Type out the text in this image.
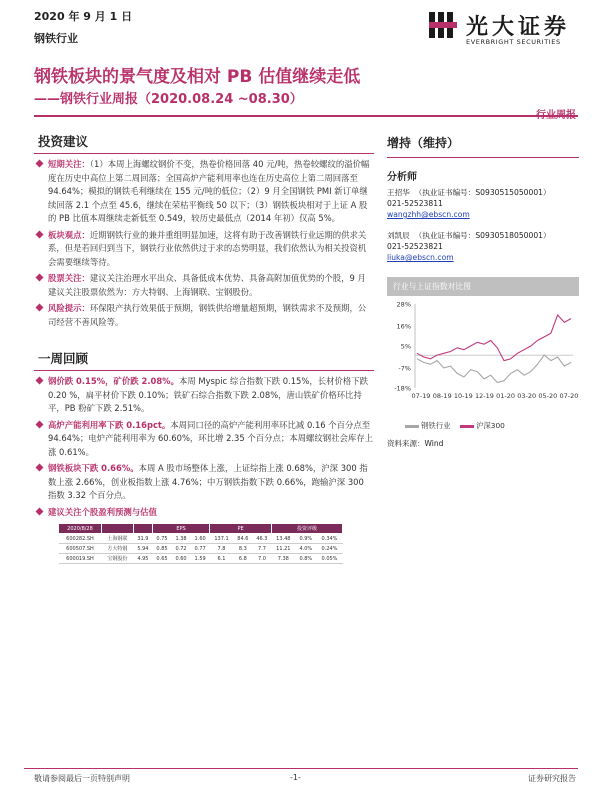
2020 年 9 月 1 日
钢铁行业	光大证券
EVERBRIGHT SECURITIES
钢铁板块的景气度及相对 PB 估值继续走低
——钢铁行业周报（2020.08.24 ~08.30）
投资建议
短期关注：（1）本周上海螺纹钢价不变，热卷价格回落 40 元/吨，热卷较螺纹的溢价幅度在历史中高位上第二周回落；全国高炉产能利用率也连在历史高位上第二周回落至 94.64%；模拟的钢铁毛利继续在 155 元/吨的低位；（2）9 月全国钢铁 PMI 新订单继续回落 2.1 个点至 45.6，继续在荣枯平衡线 50 以下；（3）钢铁板块相对于上证 A 股的 PB 比值本周继续走新低至 0.549，较历史最低点（2014 年初）仅高 5%。
板块观点：近期钢铁行业的兼并重组明显加速，这将有助于改善钢铁行业远期的供求关系，但是若回归到当下，钢铁行业依然供过于求的态势明显，我们依然认为相关投资机会需要继续等待。
股票关注：建议关注治理水平出众、具备低成本优势、具备高附加值优势的个股，9 月建议关注股票依然为：方大特钢、上海钢联、宝钢股份。
风险提示：环保限产执行效果低于预期，钢铁供给增量超预期，钢铁需求不及预期，公司经营不善风险等。
一周回顾
钢价跌 0.15%，矿价跌 2.08%。本周 Myspic 综合指数下跌 0.15%，长材价格下跌 0.20 %，扁平材价下跌 0.10%；铁矿石综合指数下跌 2.08%，唐山铁矿价格环比持平，PB 粉矿下跌 2.51%。
高炉产能利用率下跌 0.16pct。本周同口径的高炉产能利用率环比减 0.16 个百分点至 94.64%；电炉产能利用率为 60.60%，环比增 2.35 个百分点；本周螺纹钢社会库存上涨 0.61%。
钢铁板块下跌 0.66%。本周 A 股市场整体上涨，上证综指上涨 0.68%，沪深 300 指数上涨 2.66%，创业板指数上涨 4.76%；中万钢铁指数下跌 0.66%，跑输沪深 300 指数 3.32 个百分点。
建议关注个股盈利预测与估值
2020/8/28			EPS			PE			投资评级		
600282.SH	上海钢联	31.9	0.75	1.38	1.60	137.1	84.6	46.3	13.48	0.9%	0.34%
600507.SH	方大特钢	5.94	0.85	0.72	0.77	7.8	8.3	7.7	11.21	4.0%	0.24%
600019.SH	宝钢股份	4.95	0.65	0.60	1.59	6.1	6.8	7.0	7.38	0.8%	0.05%
增持（维持）
分析师
王招华 （执业证书编号：S0930515050001）
021-52523811
wangzhh@ebscn.com
刘凯辰 （执业证书编号：S0930518050001）
021-52523821
liuka@ebscn.com
行业与上证指数对比图
28%
16%
5%
-7%
-18%
07-19 08-19 10-19 12-19 01-20 03-20 05-20 07-20
钢铁行业	沪深300
资料来源：Wind
敬请参阅最后一页特别声明	-1-	证券研究报告
